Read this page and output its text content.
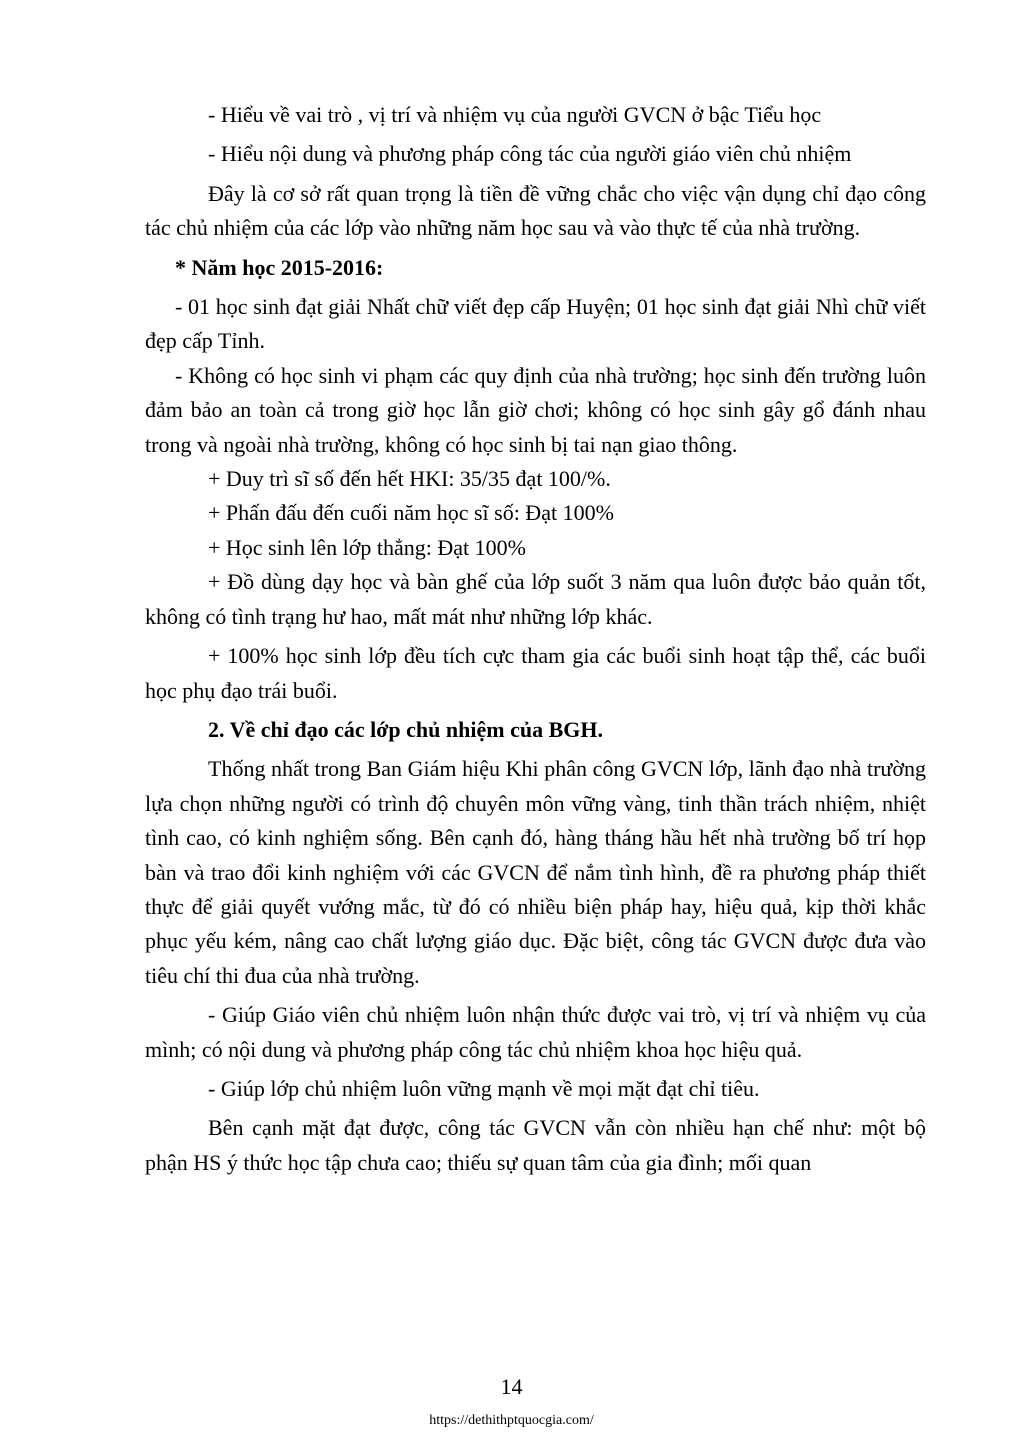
- Hiểu về vai trò , vị trí và nhiệm vụ của người GVCN ở bậc Tiểu học

- Hiểu nội dung và phương pháp công tác của người giáo viên chủ nhiệm

Đây là cơ sở rất quan trọng là tiền đề vững chắc cho việc vận dụng chỉ đạo công tác chủ nhiệm của các lớp vào những năm học sau và vào thực tế của nhà trường.

* Năm học 2015-2016:

- 01 học sinh đạt giải Nhất chữ viết đẹp cấp Huyện; 01 học sinh đạt giải Nhì chữ viết đẹp cấp Tỉnh.

- Không có học sinh vi phạm các quy định của nhà trường; học sinh đến trường luôn đảm bảo an toàn cả trong giờ học lẫn giờ chơi; không có học sinh gây gổ đánh nhau trong và ngoài nhà trường, không có học sinh bị tai nạn giao thông.

+ Duy trì sĩ số đến hết HKI: 35/35 đạt 100/%.

+ Phấn đấu đến cuối năm học sĩ số: Đạt 100%

+ Học sinh lên lớp thẳng: Đạt 100%

+ Đồ dùng dạy học và bàn ghế của lớp suốt 3 năm qua luôn được bảo quản tốt, không có tình trạng hư hao, mất mát như những lớp khác.

+ 100% học sinh lớp đều tích cực tham gia các buổi sinh hoạt tập thể, các buổi học phụ đạo trái buổi.

2. Về chỉ đạo các lớp chủ nhiệm của BGH.

Thống nhất trong Ban Giám hiệu Khi phân công GVCN lớp, lãnh đạo nhà trường lựa chọn những người có trình độ chuyên môn vững vàng, tinh thần trách nhiệm, nhiệt tình cao, có kinh nghiệm sống. Bên cạnh đó, hàng tháng hầu hết nhà trường bố trí họp bàn và trao đổi kinh nghiệm với các GVCN để nắm tình hình, đề ra phương pháp thiết thực để giải quyết vướng mắc, từ đó có nhiều biện pháp hay, hiệu quả, kịp thời khắc phục yếu kém, nâng cao chất lượng giáo dục. Đặc biệt, công tác GVCN được đưa vào tiêu chí thi đua của nhà trường.

- Giúp Giáo viên chủ nhiệm luôn nhận thức được vai trò, vị trí và nhiệm vụ của mình; có nội dung và phương pháp công tác chủ nhiệm khoa học hiệu quả.

- Giúp lớp chủ nhiệm luôn vững mạnh về mọi mặt đạt chỉ tiêu.

Bên cạnh mặt đạt được, công tác GVCN vẫn còn nhiều hạn chế như: một bộ phận HS ý thức học tập chưa cao; thiếu sự quan tâm của gia đình; mối quan

14
https://dethithptquocgia.com/
